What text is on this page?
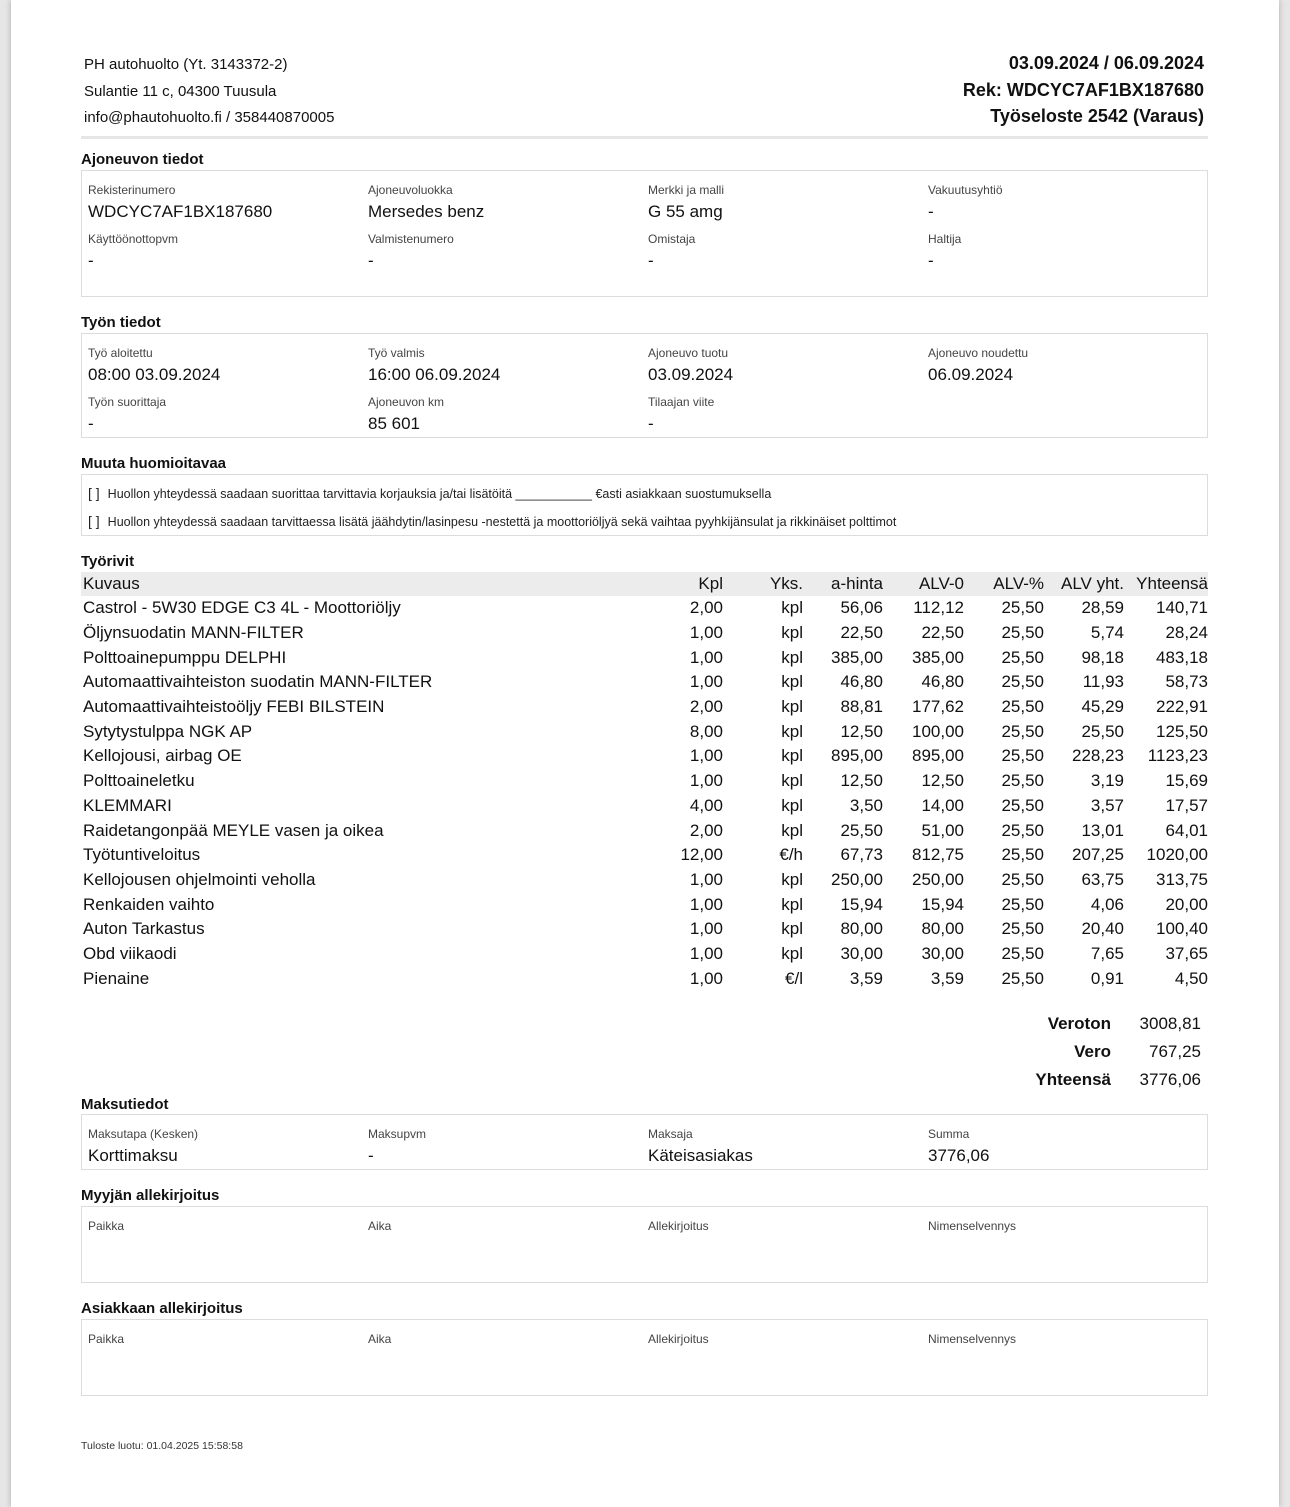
PH autohuolto (Yt. 3143372-2)
Sulantie 11 c, 04300 Tuusula
info@phautohuolto.fi / 358440870005
03.09.2024 / 06.09.2024
Rek: WDCYC7AF1BX187680
Työseloste 2542 (Varaus)
Ajoneuvon tiedot
Rekisterinumero
WDCYC7AF1BX187680
Ajoneuvoluokka
Mersedes benz
Merkki ja malli
G 55 amg
Vakuutusyhtiö
-
Käyttöönottopvm
-
Valmistenumero
-
Omistaja
-
Haltija
-
Työn tiedot
Työ aloitettu
08:00 03.09.2024
Työ valmis
16:00 06.09.2024
Ajoneuvo tuotu
03.09.2024
Ajoneuvo noudettu
06.09.2024
Työn suorittaja
-
Ajoneuvon km
85 601
Tilaajan viite
-
Muuta huomioitavaa
[ ] Huollon yhteydessä saadaan suorittaa tarvittavia korjauksia ja/tai lisätöitä ___________ €asti asiakkaan suostumuksella
[ ] Huollon yhteydessä saadaan tarvittaessa lisätä jäähdytin/lasinpesu -nestettä ja moottoriöljyä sekä vaihtaa pyyhkijänsulat ja rikkinäiset polttimot
Työrivit
Kuvaus	Kpl	Yks.	a-hinta	ALV-0	ALV-%	ALV yht.	Yhteensä
Castrol - 5W30 EDGE C3 4L - Moottoriöljy	2,00	kpl	56,06	112,12	25,50	28,59	140,71
Öljynsuodatin MANN-FILTER	1,00	kpl	22,50	22,50	25,50	5,74	28,24
Polttoainepumppu DELPHI	1,00	kpl	385,00	385,00	25,50	98,18	483,18
Automaattivaihteiston suodatin MANN-FILTER	1,00	kpl	46,80	46,80	25,50	11,93	58,73
Automaattivaihteistoöljy FEBI BILSTEIN	2,00	kpl	88,81	177,62	25,50	45,29	222,91
Sytytystulppa NGK AP	8,00	kpl	12,50	100,00	25,50	25,50	125,50
Kellojousi, airbag OE	1,00	kpl	895,00	895,00	25,50	228,23	1123,23
Polttoaineletku	1,00	kpl	12,50	12,50	25,50	3,19	15,69
KLEMMARI	4,00	kpl	3,50	14,00	25,50	3,57	17,57
Raidetangonpää MEYLE vasen ja oikea	2,00	kpl	25,50	51,00	25,50	13,01	64,01
Työtuntiveloitus	12,00	€/h	67,73	812,75	25,50	207,25	1020,00
Kellojousen ohjelmointi veholla	1,00	kpl	250,00	250,00	25,50	63,75	313,75
Renkaiden vaihto	1,00	kpl	15,94	15,94	25,50	4,06	20,00
Auton Tarkastus	1,00	kpl	80,00	80,00	25,50	20,40	100,40
Obd viikaodi	1,00	kpl	30,00	30,00	25,50	7,65	37,65
Pienaine	1,00	€/l	3,59	3,59	25,50	0,91	4,50
Veroton	3008,81
Vero	767,25
Yhteensä	3776,06
Maksutiedot
Maksutapa (Kesken)
Korttimaksu
Maksupvm
-
Maksaja
Käteisasiakas
Summa
3776,06
Myyjän allekirjoitus
Paikka	Aika	Allekirjoitus	Nimenselvennys
Asiakkaan allekirjoitus
Paikka	Aika	Allekirjoitus	Nimenselvennys
Tuloste luotu: 01.04.2025 15:58:58
